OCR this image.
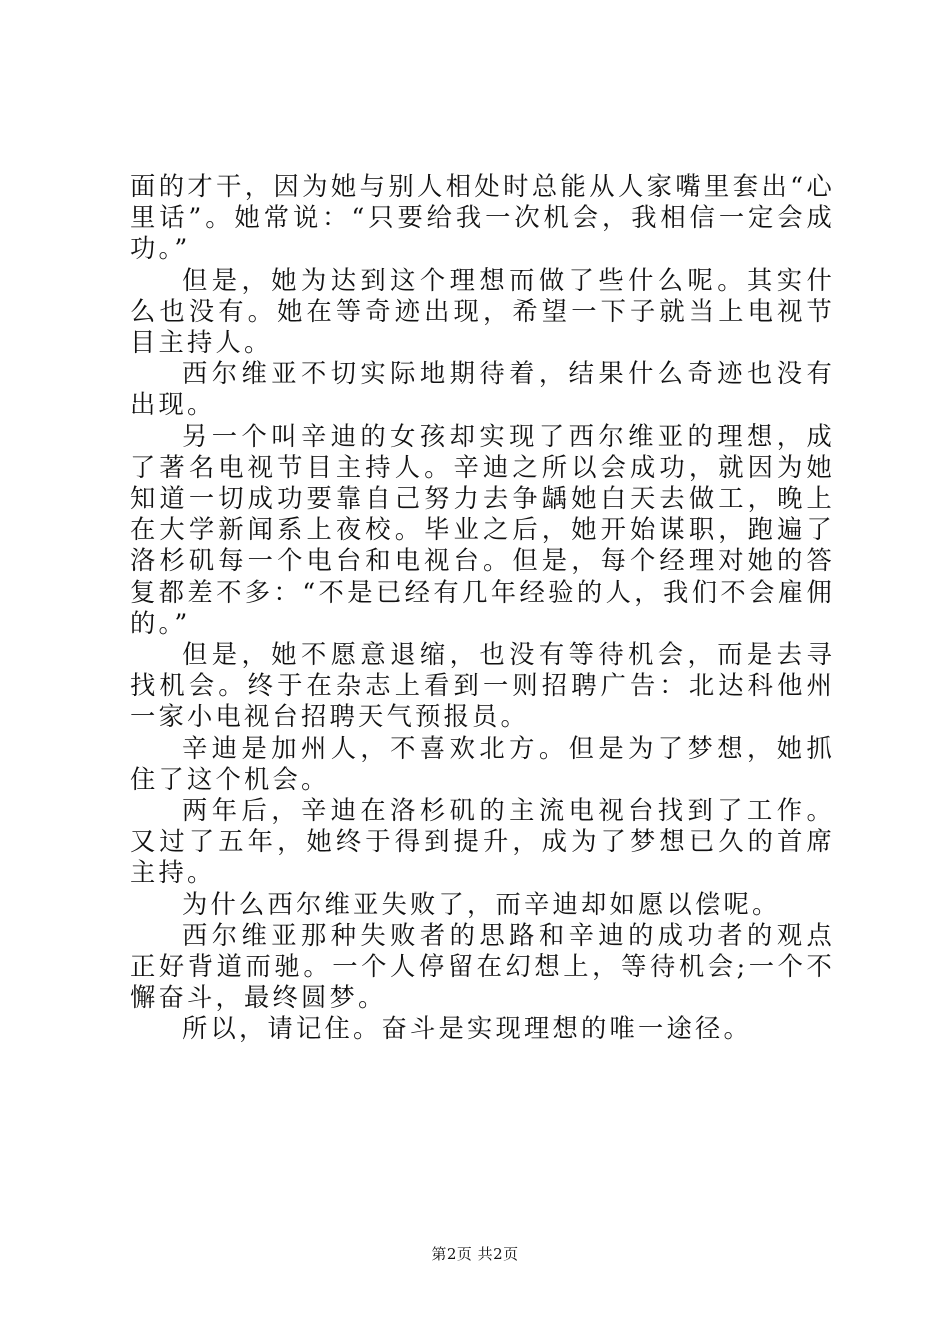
面的才干，因为她与别人相处时总能从人家嘴里套出“心里话”。她常说：“只要给我一次机会，我相信一定会成功。”

但是，她为达到这个理想而做了些什么呢。其实什么也没有。她在等奇迹出现，希望一下子就当上电视节目主持人。

西尔维亚不切实际地期待着，结果什么奇迹也没有出现。

另一个叫辛迪的女孩却实现了西尔维亚的理想，成了著名电视节目主持人。辛迪之所以会成功，就因为她知道一切成功要靠自己努力去争龋她白天去做工，晚上在大学新闻系上夜校。毕业之后，她开始谋职，跑遍了洛杉矶每一个电台和电视台。但是，每个经理对她的答复都差不多：“不是已经有几年经验的人，我们不会雇佣的。”

但是，她不愿意退缩，也没有等待机会，而是去寻找机会。终于在杂志上看到一则招聘广告：北达科他州一家小电视台招聘天气预报员。

辛迪是加州人，不喜欢北方。但是为了梦想，她抓住了这个机会。

两年后，辛迪在洛杉矶的主流电视台找到了工作。又过了五年，她终于得到提升，成为了梦想已久的首席主持。

为什么西尔维亚失败了，而辛迪却如愿以偿呢。

西尔维亚那种失败者的思路和辛迪的成功者的观点正好背道而驰。一个人停留在幻想上，等待机会;一个不懈奋斗，最终圆梦。

所以，请记住。奋斗是实现理想的唯一途径。

第2页 共2页
